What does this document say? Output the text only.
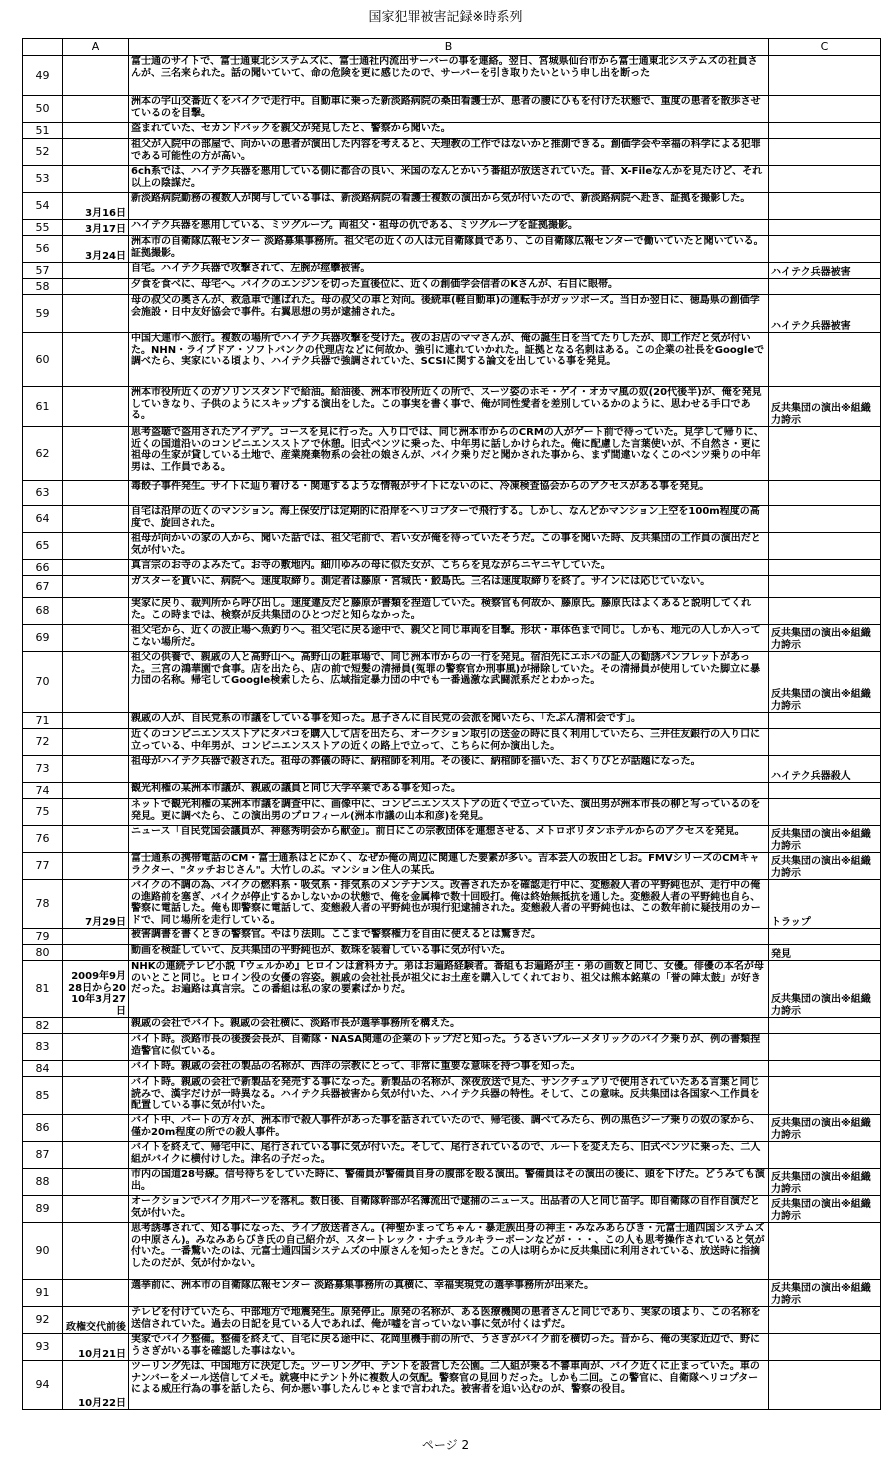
国家犯罪被害記録※時系列
	A	B	C
49		富士通のサイトで、富士通東北システムズに、富士通社内流出サーバーの事を連絡。翌日、宮城県仙台市から富士通東北システムズの社員さんが、三名来られた。話の聞いていて、命の危険を更に感じたので、サーバーを引き取りたいという申し出を断った	
50		洲本の宇山交番近くをバイクで走行中。自動車に乗った新淡路病院の桑田看護士が、患者の腰にひもを付けた状態で、重度の患者を散歩させているのを目撃。	
51		盗まれていた、セカンドバックを親父が発見したと、警察から聞いた。	
52		祖父が入院中の部屋で、向かいの患者が演出した内容を考えると、天理教の工作ではないかと推測できる。創価学会や幸福の科学による犯罪である可能性の方が高い。	
53		6ch系では、ハイテク兵器を悪用している側に都合の良い、米国のなんとかいう番組が放送されていた。昔、X-Fileなんかを見たけど、それ以上の陰謀だ。	
54	3月16日	新淡路病院勤務の複数人が関与している事は、新淡路病院の看護士複数の演出から気が付いたので、新淡路病院へ赴き、証拠を撮影した。	
55	3月17日	ハイテク兵器を悪用している、ミツグループ。両祖父・祖母の仇である、ミツグループを証拠撮影。	
56	3月24日	洲本市の自衛隊広報センター 淡路募集事務所。祖父宅の近くの人は元自衛隊員であり、この自衛隊広報センターで働いていたと聞いている。証拠撮影。	
57		自宅。ハイテク兵器で攻撃されて、左腕が痙攣被害。	ハイテク兵器被害
58		夕食を食べに、母宅へ。バイクのエンジンを切った直後位に、近くの創価学会信者のKさんが、右目に眼帯。	
59		母の叔父の奥さんが、救急車で運ばれた。母の叔父の車と対向。後続車(軽自動車)の運転手がガッツポーズ。当日か翌日に、徳島県の創価学会施設・日中友好協会で事件。右翼思想の男が逮捕された。	ハイテク兵器被害
60		中国大連市へ旅行。複数の場所でハイテク兵器攻撃を受けた。夜のお店のママさんが、俺の誕生日を当てたりしたが、即工作だと気が付いた。NHN・ライブドア・ソフトバンクの代理店などに何故か、強引に連れていかれた。証拠となる名刺はある。この企業の社長をGoogleで調べたら、実家にいる頃より、ハイテク兵器で強調されていた、SCSIに関する論文を出している事を発見。	
61		洲本市役所近くのガソリンスタンドで給油。給油後、洲本市役所近くの所で、スーツ姿のホモ・ゲイ・オカマ風の奴(20代後半)が、俺を発見していきなり、子供のようにスキップする演出をした。この事実を書く事で、俺が同性愛者を差別しているかのように、思わせる手口である。	反共集団の演出※組織力誇示
62		思考盗聴で盗用されたアイデア。コースを見に行った。入り口では、同じ洲本市からのCRMの人がゲート前で待っていた。見学して帰りに、近くの国道沿いのコンビニエンスストアで休憩。旧式ベンツに乗った、中年男に話しかけられた。俺に配慮した言葉使いが、不自然さ・更に祖母の生家が貸している土地で、産業廃棄物系の会社の娘さんが、バイク乗りだと聞かされた事から、まず間違いなくこのベンツ乗りの中年男は、工作員である。	
63		毒餃子事件発生。サイトに辿り着ける・関連するような情報がサイトにないのに、冷凍検査協会からのアクセスがある事を発見。	
64		自宅は沿岸の近くのマンション。海上保安庁は定期的に沿岸をヘリコプターで飛行する。しかし、なんどかマンション上空を100m程度の高度で、旋回された。	
65		祖母が向かいの家の人から、聞いた話では、祖父宅前で、若い女が俺を待っていたそうだ。この事を聞いた時、反共集団の工作員の演出だと気が付いた。	
66		真言宗のお寺のよみたて。お寺の敷地内。細川ゆみの母に似た女が、こちらを見ながらニヤニヤしていた。	
67		ガスターを貰いに、病院へ。速度取締り。測定者は藤原・宮城氏・鮫島氏。三名は速度取締りを終了。サインには応じていない。	
68		実家に戻り、裁判所から呼び出し。速度違反だと藤原が書類を捏造していた。検察官も何故か、藤原氏。藤原氏はよくあると説明してくれた。この時までは、検察が反共集団のひとつだと知らなかった。	
69		祖父宅から、近くの波止場へ魚釣りへ。祖父宅に戻る途中で、親父と同じ車両を目撃。形状・車体色まで同じ。しかも、地元の人しか入ってこない場所だ。	反共集団の演出※組織力誇示
70		祖父の供養で、親戚の人と高野山へ。高野山の駐車場で、同じ洲本市からの一行を発見。宿泊先にエホバの証人の勧誘パンフレットがあった。三宮の鴻華園で食事。店を出たら、店の前で短髪の清掃員(冤罪の警察官か刑事風)が掃除していた。その清掃員が使用していた脚立に暴力団の名称。帰宅してGoogle検索したら、広域指定暴力団の中でも一番過激な武闘派系だとわかった。	反共集団の演出※組織力誇示
71		親戚の人が、自民党系の市議をしている事を知った。息子さんに自民党の会派を聞いたら、「たぶん清和会です」。	
72		近くのコンビニエンスストアにタバコを購入して店を出たら、オークション取引の送金の時に良く利用していたら、三井住友銀行の入り口に立っている、中年男が、コンビニエンスストアの近くの路上で立って、こちらに何か演出した。	
73		祖母がハイテク兵器で殺された。祖母の葬儀の時に、納棺師を利用。その後に、納棺師を描いた、おくりびとが話題になった。	ハイテク兵器殺人
74		観光利権の某洲本市議が、親戚の議員と同じ大学卒業である事を知った。	
75		ネットで観光利権の某洲本市議を調査中に、画像中に、コンビニエンスストアの近くで立っていた、演出男が洲本市長の柳と写っているのを発見。更に調べたら、この演出男のプロフィール(洲本市議の山本和彦)を発見。	
76		ニュース「自民党国会議員が、神慈秀明会から献金」。前日にこの宗教団体を連想させる、メトロポリタンホテルからのアクセスを発見。	反共集団の演出※組織力誇示
77		富士通系の携帯電話のCM・富士通系はとにかく、なぜか俺の周辺に関連した要素が多い。吉本芸人の坂田としお。FMVシリーズのCMキャラクター、"タッチおじさん"。大竹しのぶ。マンション住人の某氏。	反共集団の演出※組織力誇示
78	7月29日	バイクの不調の為、バイクの燃料系・吸気系・排気系のメンテナンス。改善されたかを確認走行中に、変態殺人者の平野純也が、走行中の俺の進路前を塞ぎ、バイクが停止するかしないかの状態で、俺を金属棒で数十回殴打。俺は終始無抵抗を通した。変態殺人者の平野純也自ら、警察に電話した。俺も即警察に電話して、変態殺人者の平野純也が現行犯逮捕された。変態殺人者の平野純也は、この数年前に疑技用のカードで、同じ場所を走行している。	トラップ
79		被害調書を書くときの警察官。やはり法則。ここまで警察権力を自由に使えるとは驚きだ。	
80		動画を検証していて、反共集団の平野純也が、数珠を装着している事に気が付いた。	発見
81	2009年9月28日から2010年3月27日	NHKの連続テレビ小説『ウェルかめ』ヒロインは倉科カナ。弟はお遍路経験者。番組もお遍路が主・弟の画数と同じ、女優。俳優の本名が母のいとこと同じ。ヒロイン役の女優の容姿。親戚の会社社長が祖父にお土産を購入してくれており、祖父は熊本銘菓の「誉の陣太鼓」が好きだった。お遍路は真言宗。この番組は私の家の要素ばかりだ。	反共集団の演出※組織力誇示
82		親戚の会社でバイト。親戚の会社横に、淡路市長が選挙事務所を構えた。	
83		バイト時。淡路市長の後援会長が、自衛隊・NASA関連の企業のトップだと知った。うるさいブルーメタリックのバイク乗りが、例の書類捏造警官に似ている。	
84		バイト時。親戚の会社の製品の名称が、西洋の宗教にとって、非常に重要な意味を持つ事を知った。	
85		バイト時。親戚の会社で新製品を発売する事になった。新製品の名称が、深夜放送で見た、サンクチュアリで使用されていたある言葉と同じ読みで、漢字だけが一時異なる。ハイテク兵器被害から気が付いた、ハイテク兵器の特性。そして、この意味。反共集団は各国家へ工作員を配置している事に気が付いた。	
86		バイト中、パートの方々が、洲本市で殺人事件があった事を話されていたので、帰宅後、調べてみたら、例の黒色ジープ乗りの奴の家から、僅か20m程度の所での殺人事件。	反共集団の演出※組織力誇示
87		バイトを終えて、帰宅中に、尾行されている事に気が付いた。そして、尾行されているので、ルートを変えたら、旧式ベンツに乗った、二人組がバイクに横付けした。津名の子だった。	
88		市内の国道28号線。信号待ちをしていた時に、警備員が警備員自身の腹部を殴る演出。警備員はその演出の後に、頭を下げた。どうみても演出。	反共集団の演出※組織力誇示
89		オークションでバイク用パーツを落札。数日後、自衛隊幹部が名簿流出で逮捕のニュース。出品者の人と同じ苗字。即自衛隊の自作自演だと気が付いた。	反共集団の演出※組織力誇示
90		思考誘導されて、知る事になった、ライブ放送者さん。(神聖かまってちゃん・暴走族出身の神主・みなみあらびき・元富士通四国システムズの中原さん)。みなみあらびき氏の自己紹介が、スタートレック・ナチュラルキラーボーンなどが・・・、この人も思考操作されていると気が付いた。一番驚いたのは、元富士通四国システムズの中原さんを知ったときだ。この人は明らかに反共集団に利用されている、放送時に指摘したのだが、気が付かない。	
91		選挙前に、洲本市の自衛隊広報センター 淡路募集事務所の真横に、幸福実現党の選挙事務所が出来た。	反共集団の演出※組織力誇示
92	政権交代前後	テレビを付けていたら、中部地方で地震発生。原発停止。原発の名称が、ある医療機関の患者さんと同じであり、実家の頃より、この名称を送信されていた。過去の日記を見ている人であれば、俺が嘘を言っていない事に気が付くはずだ。	
93	10月21日	実家でバイク整備。整備を終えて、自宅に戻る途中に、花岡里機手前の所で、うさぎがバイク前を横切った。昔から、俺の実家近辺で、野にうさぎがいる事を確認した事はない。	
94	10月22日	ツーリング先は、中国地方に決定した。ツーリング中、テントを設営した公園。二人組が乗る不審車両が、バイク近くに止まっていた。車のナンバーをメール送信してメモ。就寝中にテント外に複数人の気配。警察官の見回りだった。しかも二回。この警官に、自衛隊ヘリコプターによる威圧行為の事を話したら、何か悪い事したんじゃとまで言われた。被害者を追い込むのが、警察の役目。	
ページ 2
